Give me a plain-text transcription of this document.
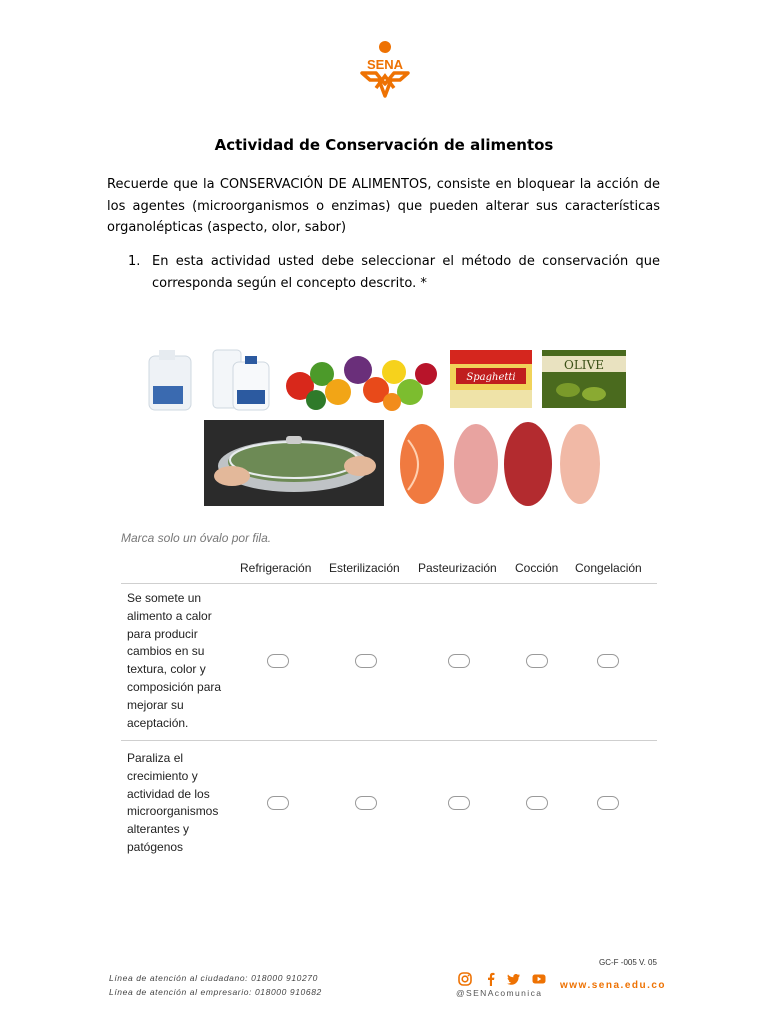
SENA
Actividad de Conservación de alimentos
Recuerde que la CONSERVACIÓN DE ALIMENTOS, consiste en bloquear la acción de los agentes (microorganismos o enzimas) que pueden alterar sus características organolépticas (aspecto, olor, sabor)
1. En esta actividad usted debe seleccionar el método de conservación que corresponda según el concepto descrito. *
Spaghetti
OLIVE
Marca solo un óvalo por fila.
Refrigeración Esterilización Pasteurización Cocción Congelación
Se somete un alimento a calor para producir cambios en su textura, color y composición para mejorar su aceptación.
Paraliza el crecimiento y actividad de los microorganismos alterantes y patógenos
GC-F -005 V. 05
Línea de atención al ciudadano: 018000 910270
Línea de atención al empresario: 018000 910682	@SENAcomunica
www.sena.edu.co
